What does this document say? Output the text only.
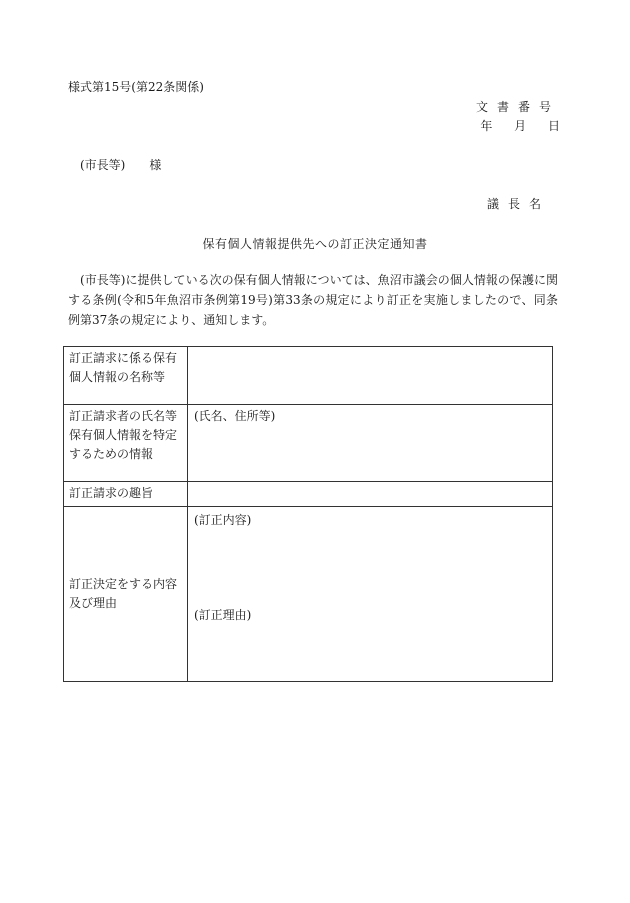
様式第15号(第22条関係)
文書番号
年 月 日
(市長等)　　様
議長名
保有個人情報提供先への訂正決定通知書
(市長等)に提供している次の保有個人情報については、魚沼市議会の個人情報の保護に関する条例(令和5年魚沼市条例第19号)第33条の規定により訂正を実施しましたので、同条例第37条の規定により、通知します。
訂正請求に係る保有個人情報の名称等	
訂正請求者の氏名等保有個人情報を特定するための情報	(氏名、住所等)
訂正請求の趣旨	
訂正決定をする内容及び理由	(訂正内容)
(訂正理由)
